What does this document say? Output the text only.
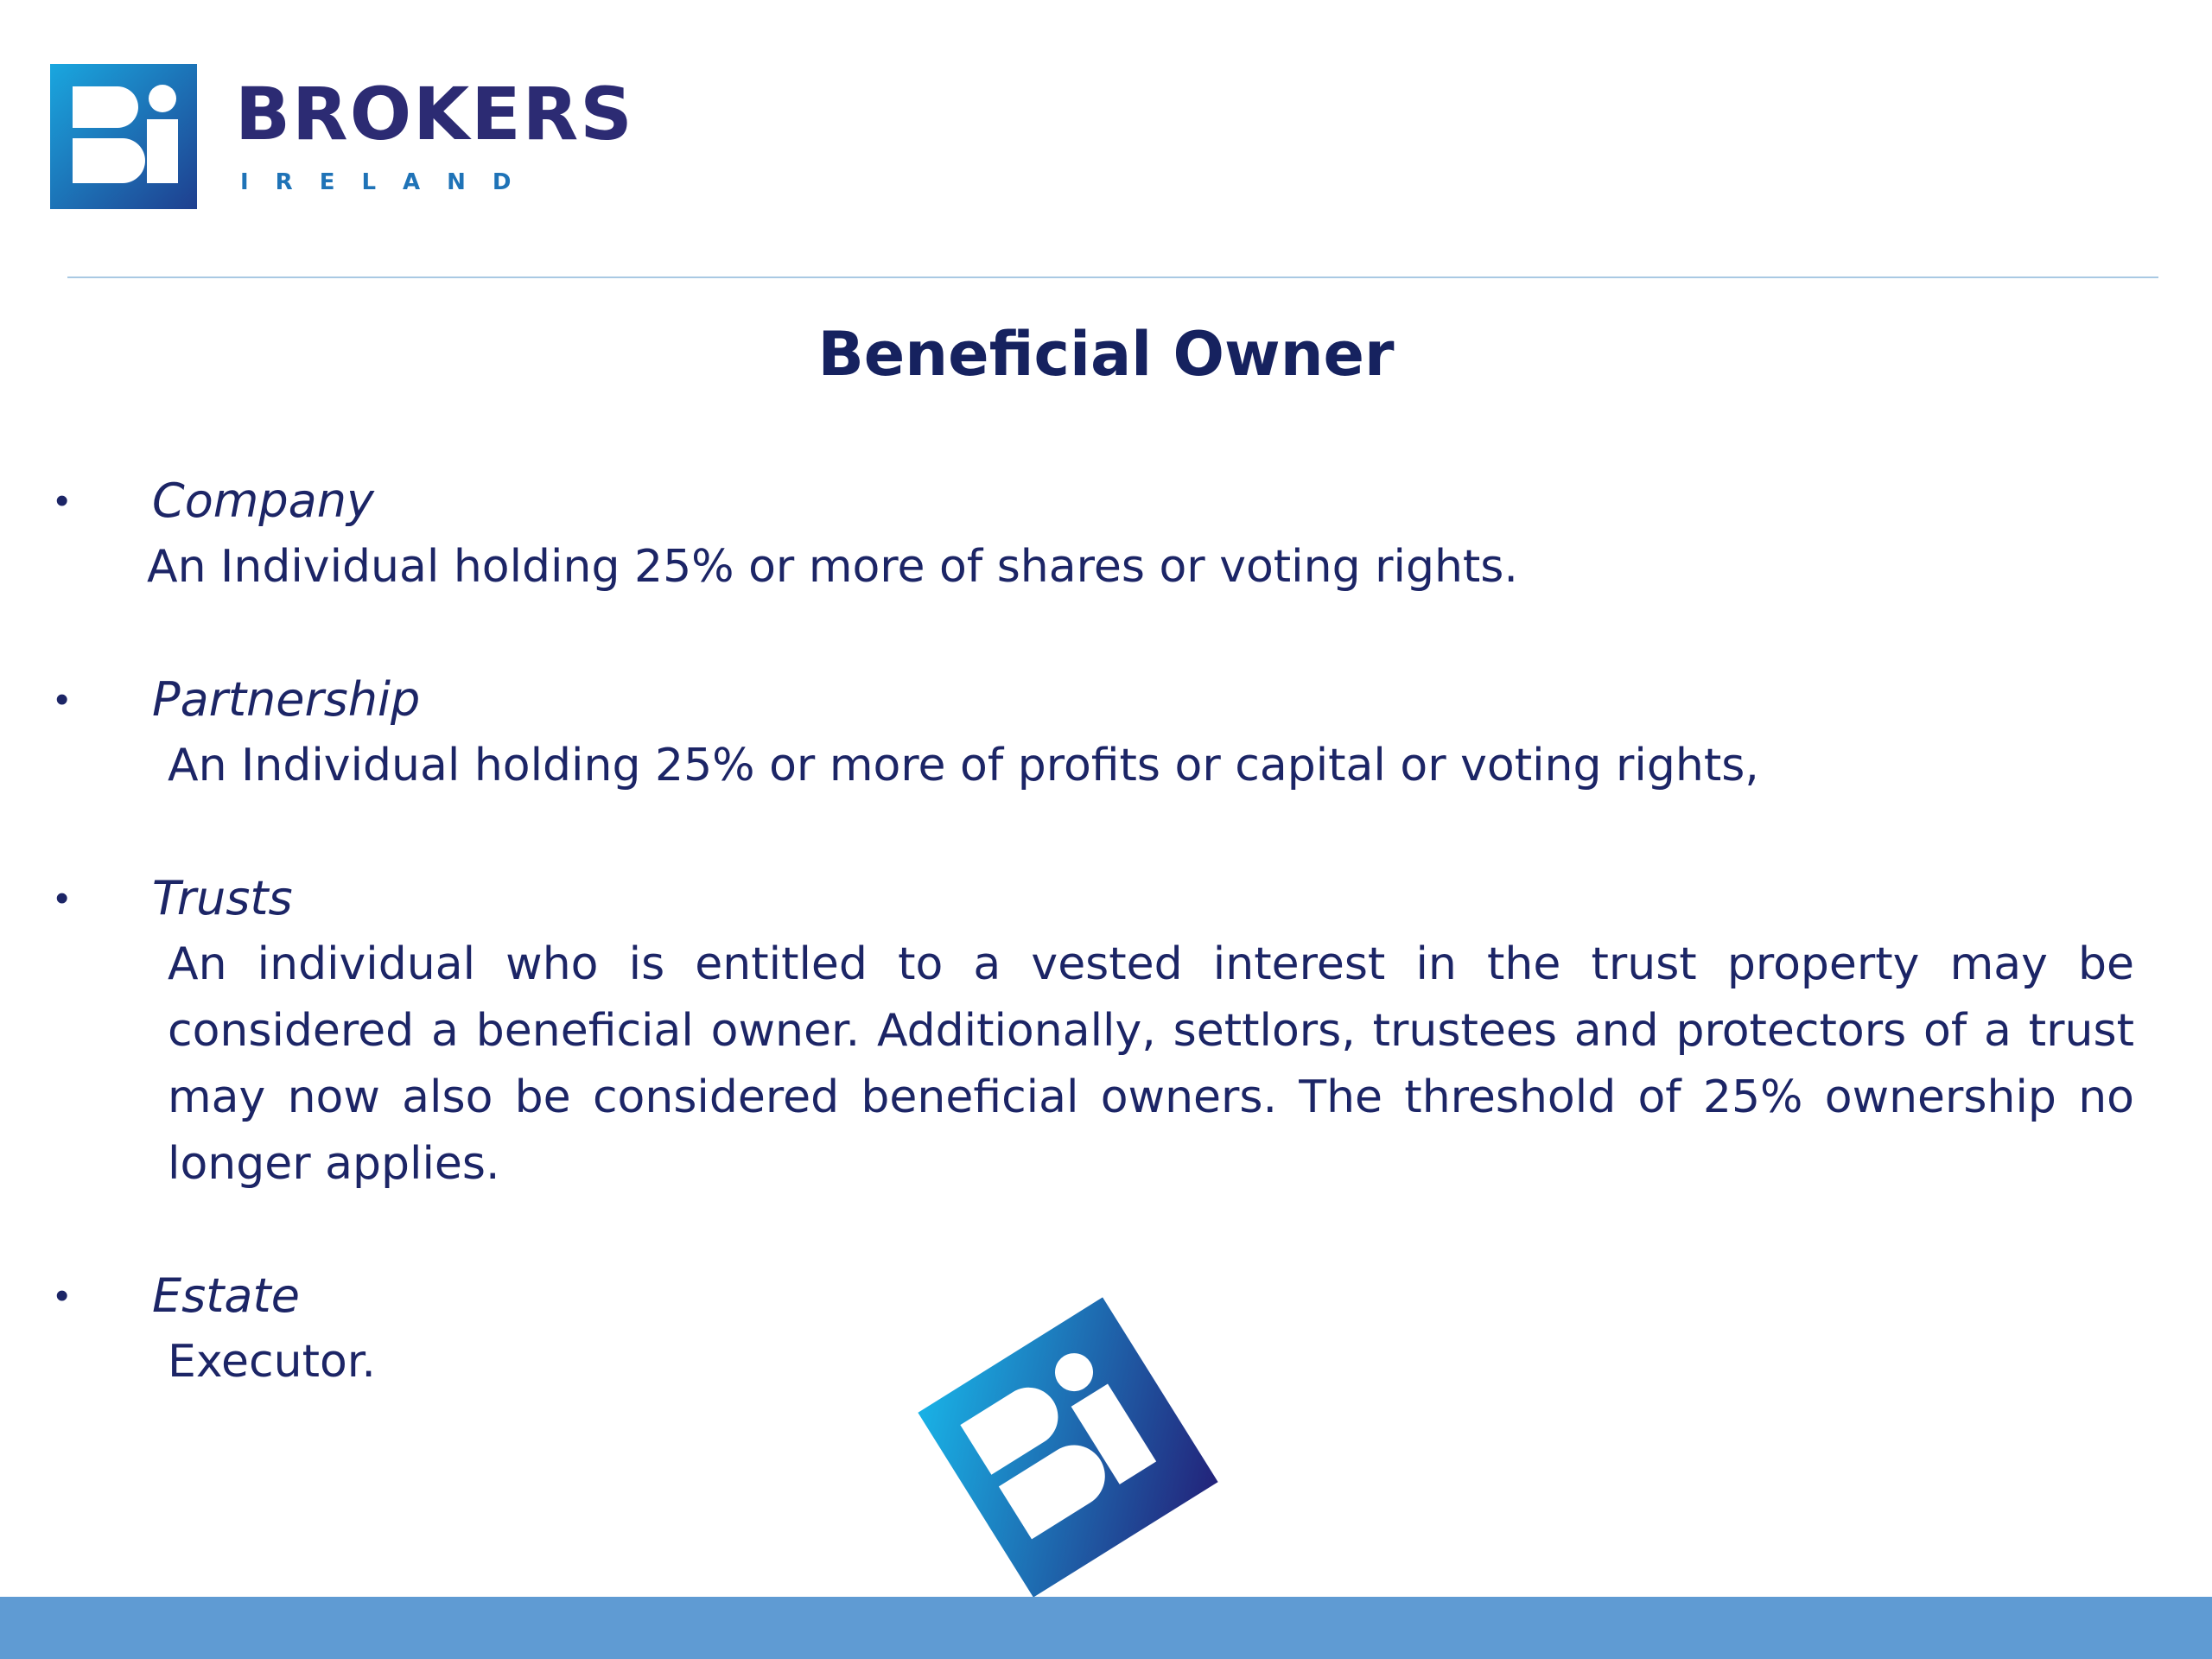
BROKERS
IRELAND
Beneficial Owner
• Company
An Individual holding 25% or more of shares or voting rights.
• Partnership
An Individual holding 25% or more of profits or capital or voting rights,
• Trusts
An individual who is entitled to a vested interest in the trust property may be considered a beneficial owner. Additionally, settlors, trustees and protectors of a trust may now also be considered beneficial owners. The threshold of 25% ownership no longer applies.
• Estate
Executor.
